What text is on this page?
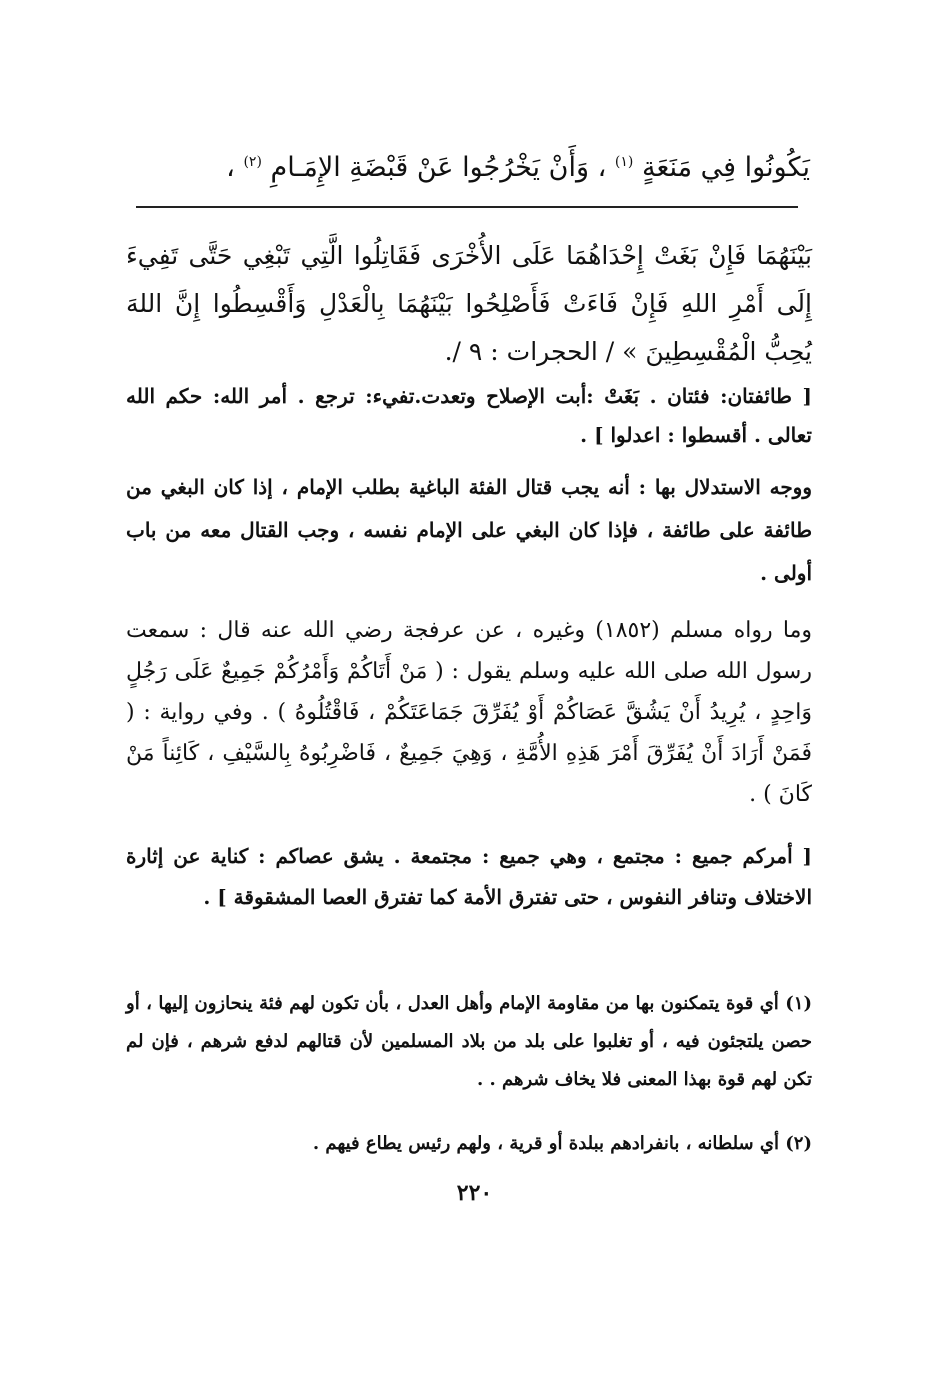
يَكُونُوا فِي مَنَعَةٍ $^{(١)}$ ، وَأَنْ يَخْرُجُوا عَنْ قَبْضَةِ الإِمَـامِ $^{(٢)}$ ،
بَيْنَهُمَا فَإِنْ بَغَتْ إِحْدَاهُمَا عَلَى الأُخْرَى فَقَاتِلُوا الَّتِي تَبْغِي حَتَّى تَفِيءَ إِلَى أَمْرِ اللهِ فَإِنْ فَاءَتْ فَأَصْلِحُوا بَيْنَهُمَا بِالْعَدْلِ وَأَقْسِطُوا إِنَّ اللهَ يُحِبُّ الْمُقْسِطِينَ » / الحجرات : ٩ /.
[ طائفتان: فئتان . بَغَتْ :أبت الإصلاح وتعدت.تفيء: ترجع . أمر الله: حكم الله تعالى . أقسطوا : اعدلوا ] .
ووجه الاستدلال بها : أنه يجب قتال الفئة الباغية بطلب الإمام ، إذا كان البغي من طائفة على طائفة ، فإذا كان البغي على الإمام نفسه ، وجب القتال معه من باب أولى .
وما رواه مسلم (١٨٥٢) وغيره ، عن عرفجة رضي الله عنه قال : سمعت رسول الله صلى الله عليه وسلم يقول : ( مَنْ أَتَاكُمْ وَأَمْرُكُمْ جَمِيعٌ عَلَى رَجُلٍ وَاحِدٍ ، يُرِيدُ أَنْ يَشُقَّ عَصَاكُمْ أَوْ يُفَرِّقَ جَمَاعَتَكُمْ ، فَاقْتُلُوهُ ) . وفي رواية : ( فَمَنْ أَرَادَ أَنْ يُفَرِّقَ أَمْرَ هَذِهِ الأُمَّةِ ، وَهِيَ جَمِيعٌ ، فَاضْرِبُوهُ بِالسَّيْفِ ، كَائِناً مَنْ كَانَ ) .
[ أمركم جميع : مجتمع ، وهي جميع : مجتمعة . يشق عصاكم : كناية عن إثارة الاختلاف وتنافر النفوس ، حتى تفترق الأمة كما تفترق العصا المشقوقة ] .
(١) أي قوة يتمكنون بها من مقاومة الإمام وأهل العدل ، بأن تكون لهم فئة ينحازون إليها ، أو حصن يلتجئون فيه ، أو تغلبوا على بلد من بلاد المسلمين لأن قتالهم لدفع شرهم ، فإن لم تكن لهم قوة بهذا المعنى فلا يخاف شرهم . .
(٢) أي سلطانه ، بانفرادهم ببلدة أو قرية ، ولهم رئيس يطاع فيهم .
٢٢٠
